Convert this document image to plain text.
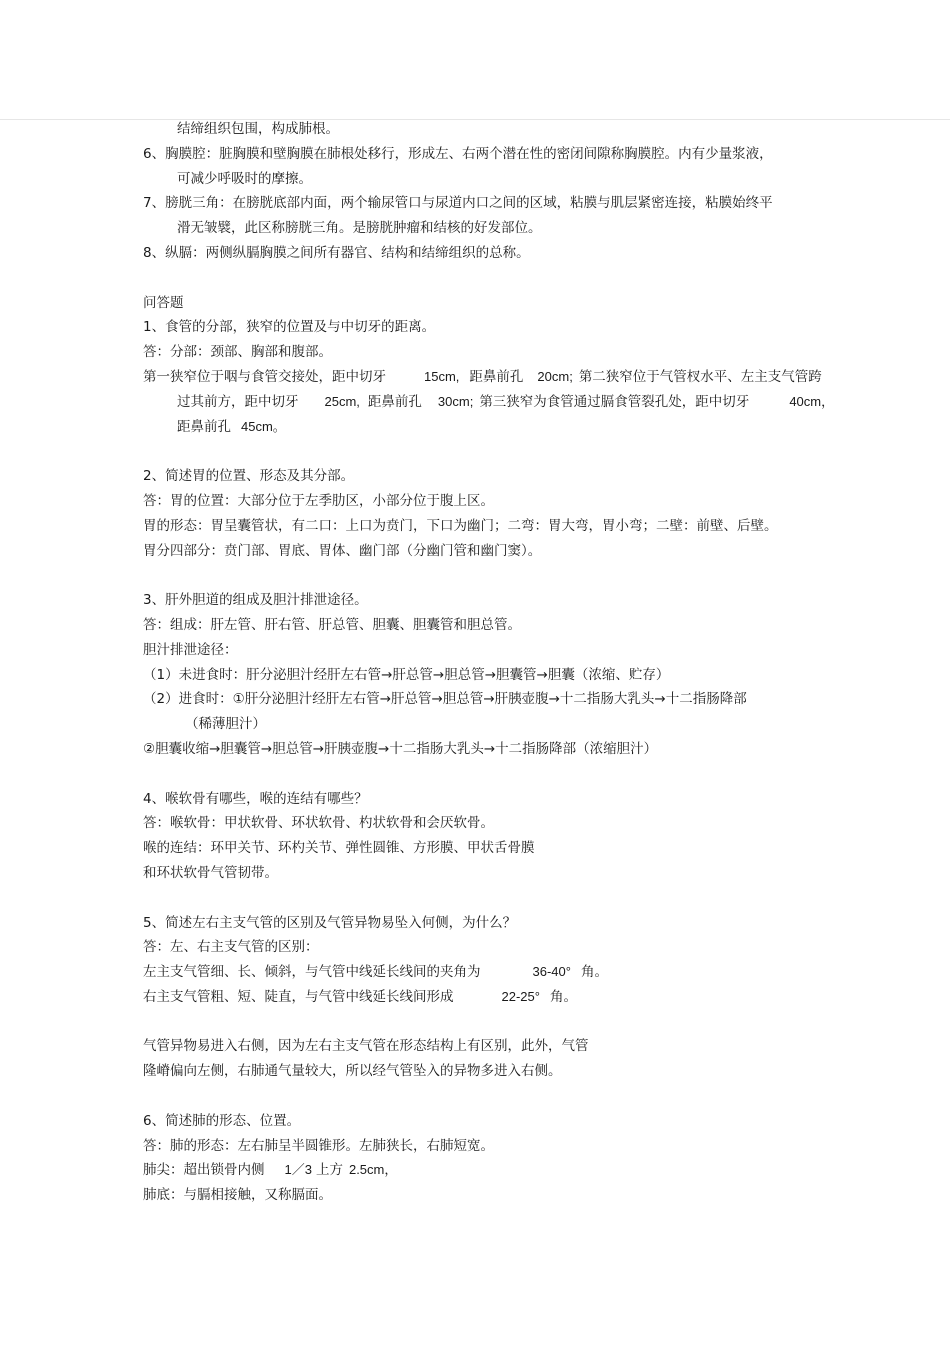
结缔组织包围，构成肺根。
6、胸膜腔：脏胸膜和壁胸膜在肺根处移行，形成左、右两个潜在性的密闭间隙称胸膜腔。内有少量浆液，
可减少呼吸时的摩擦。
7、膀胱三角：在膀胱底部内面，两个输尿管口与尿道内口之间的区域，粘膜与肌层紧密连接，粘膜始终平
滑无皱襞，此区称膀胱三角。是膀胱肿瘤和结核的好发部位。
8、纵膈：两侧纵膈胸膜之间所有器官、结构和结缔组织的总称。
问答题
1、食管的分部，狭窄的位置及与中切牙的距离。
答：分部：颈部、胸部和腹部。
第一狭窄位于咽与食管交接处，距中切牙	15cm, 距鼻前孔 20cm; 第二狭窄位于气管杈水平、左主支气管跨
过其前方，距中切牙 25cm, 距鼻前孔 30cm; 第三狭窄为食管通过膈食管裂孔处，距中切牙	40cm，
距鼻前孔 45cm。
2、简述胃的位置、形态及其分部。
答：胃的位置：大部分位于左季肋区，小部分位于腹上区。
胃的形态：胃呈囊管状，有二口：上口为贲门，下口为幽门；二弯：胃大弯，胃小弯；二壁：前壁、后壁。
胃分四部分：贲门部、胃底、胃体、幽门部（分幽门管和幽门窦）。
3、肝外胆道的组成及胆汁排泄途径。
答：组成：肝左管、肝右管、肝总管、胆囊、胆囊管和胆总管。
胆汁排泄途径：
（1）未进食时：肝分泌胆汁经肝左右管→肝总管→胆总管→胆囊管→胆囊（浓缩、贮存）
（2）进食时：①肝分泌胆汁经肝左右管→肝总管→胆总管→肝胰壶腹→十二指肠大乳头→十二指肠降部
（稀薄胆汁）
②胆囊收缩→胆囊管→胆总管→肝胰壶腹→十二指肠大乳头→十二指肠降部（浓缩胆汁）
4、喉软骨有哪些，喉的连结有哪些？
答：喉软骨：甲状软骨、环状软骨、杓状软骨和会厌软骨。
喉的连结：环甲关节、环杓关节、弹性圆锥、方形膜、甲状舌骨膜
和环状软骨气管韧带。
5、简述左右主支气管的区别及气管异物易坠入何侧，为什么？
答：左、右主支气管的区别：
左主支气管细、长、倾斜，与气管中线延长线间的夹角为	36-40° 角。
右主支气管粗、短、陡直，与气管中线延长线间形成	22-25° 角。
气管异物易进入右侧，因为左右主支气管在形态结构上有区别，此外，气管
隆嵴偏向左侧，右肺通气量较大，所以经气管坠入的异物多进入右侧。
6、简述肺的形态、位置。
答：肺的形态：左右肺呈半圆锥形。左肺狭长，右肺短宽。
肺尖：超出锁骨内侧 1／3 上方 2.5cm，
肺底：与膈相接触，又称膈面。
